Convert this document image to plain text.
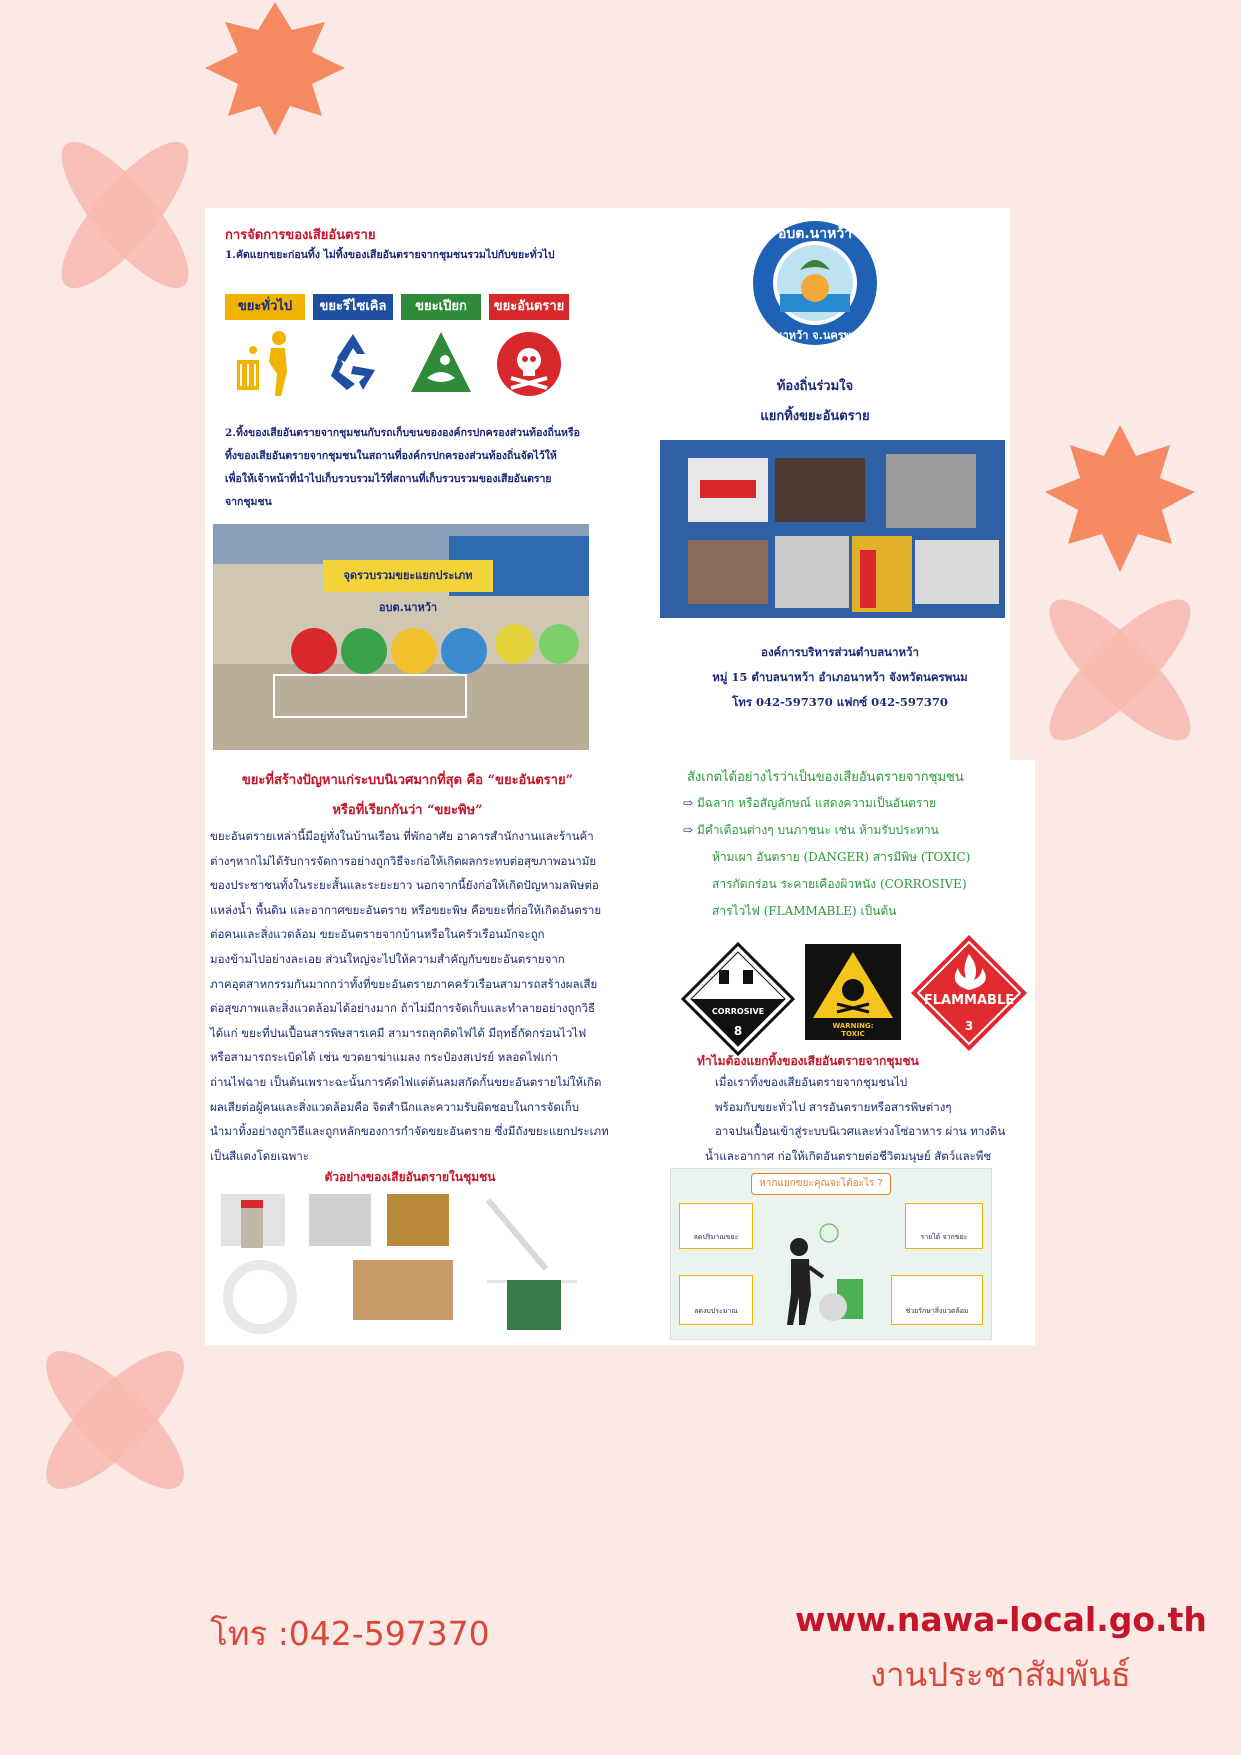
การจัดการของเสียอันตราย
1.คัดแยกขยะก่อนทิ้ง ไม่ทิ้งของเสียอันตรายจากชุมชนรวมไปกับขยะทั่วไป
ขยะทั่วไป	ขยะรีไซเคิล	ขยะเปียก	ขยะอันตราย
2.ทิ้งของเสียอันตรายจากชุมชนกับรถเก็บขนขององค์กรปกครองส่วนท้องถิ่นหรือ
ทิ้งของเสียอันตรายจากชุมชนในสถานที่องค์กรปกครองส่วนท้องถิ่นจัดไว้ให้
เพื่อให้เจ้าหน้าที่นำไปเก็บรวบรวมไว้ที่สถานที่เก็บรวบรวมของเสียอันตราย
จากชุมชน
จุดรวบรวมขยะแยกประเภท อบต.นาหว้า
อบต.นาหว้า
อ.นาหว้า จ.นครพนม
ท้องถิ่นร่วมใจ
แยกทิ้งขยะอันตราย
องค์การบริหารส่วนตำบลนาหว้า
หมู่ 15 ตำบลนาหว้า อำเภอนาหว้า จังหวัดนครพนม
โทร 042-597370 แฟกซ์ 042-597370
ขยะที่สร้างปัญหาแก่ระบบนิเวศมากที่สุด คือ “ขยะอันตราย”
หรือที่เรียกกันว่า “ขยะพิษ”
ขยะอันตรายเหล่านี้มีอยู่ทั่งในบ้านเรือน ที่พักอาศัย อาคารสำนักงานและร้านค้า
ต่างๆหากไม่ได้รับการจัดการอย่างถูกวิธีจะก่อให้เกิดผลกระทบต่อสุขภาพอนามัย
ของประชาชนทั้งในระยะสั้นและระยะยาว นอกจากนี้ยังก่อให้เกิดปัญหามลพิษต่อ
แหล่งน้ำ พื้นดิน และอากาศขยะอันตราย หรือขยะพิษ คือขยะที่ก่อให้เกิดอันตราย
ต่อคนและสิ่งแวดล้อม ขยะอันตรายจากบ้านหรือในครัวเรือนมักจะถูก
มองข้ามไปอย่างละเอย ส่วนใหญ่จะไปให้ความสำคัญกับขยะอันตรายจาก
ภาคอุตสาหกรรมกันมากกว่าทั้งที่ขยะอันตรายภาคครัวเรือนสามารถสร้างผลเสีย
ต่อสุขภาพและสิ่งแวดล้อมได้อย่างมาก ถ้าไม่มีการจัดเก็บและทำลายอย่างถูกวิธี
ได้แก่ ขยะที่ปนเปื้อนสารพิษสารเคมี สามารถลุกติดไฟได้ มีฤทธิ์กัดกร่อนไวไฟ
หรือสามารถระเบิดได้ เช่น ขวดยาฆ่าแมลง กระป๋องสเปรย์ หลอดไฟเก่า
ถ่านไฟฉาย เป็นต้นเพราะฉะนั้นการคัดไฟแต่ต้นลมสกัดกั้นขยะอันตรายไม่ให้เกิด
ผลเสียต่อผู้คนและสิ่งแวดล้อมคือ จิตสำนึกและความรับผิดชอบในการจัดเก็บ
นำมาทิ้งอย่างถูกวิธีและถูกหลักของการกำจัดขยะอันตราย ซึ่งมีถังขยะแยกประเภท
เป็นสีแดงโดยเฉพาะ
ตัวอย่างของเสียอันตรายในชุมชน
สังเกตได้อย่างไรว่าเป็นของเสียอันตรายจากชุมชน
⇨ มีฉลาก หรือสัญลักษณ์ แสดงความเป็นอันตราย
⇨ มีคำเตือนต่างๆ บนภาชนะ เช่น ห้ามรับประทาน
ห้ามเผา อันตราย (DANGER) สารมีพิษ (TOXIC)
สารกัดกร่อน ระคายเคืองผิวหนัง (CORROSIVE)
สารไวไฟ (FLAMMABLE) เป็นต้น
CORROSIVE
8	WARNING:
TOXIC
FLAMMABLE
3
ทำไมต้องแยกทิ้งของเสียอันตรายจากชุมชน
เมื่อเราทิ้งของเสียอันตรายจากชุมชนไป
พร้อมกับขยะทั่วไป สารอันตรายหรือสารพิษต่างๆ
อาจปนเปื้อนเข้าสู่ระบบนิเวศและห่วงโซ่อาหาร ผ่าน ทางดิน
น้ำและอากาศ ก่อให้เกิดอันตรายต่อชีวิตมนุษย์ สัตว์และพืช
หากแยกขยะคุณจะได้อะไร ?
ลดปริมาณขยะ	รายได้ จากขยะ
ลดงบประมาณ	ช่วยรักษาสิ่งแวดล้อม
โทร :042-597370	www.nawa-local.go.th
งานประชาสัมพันธ์
